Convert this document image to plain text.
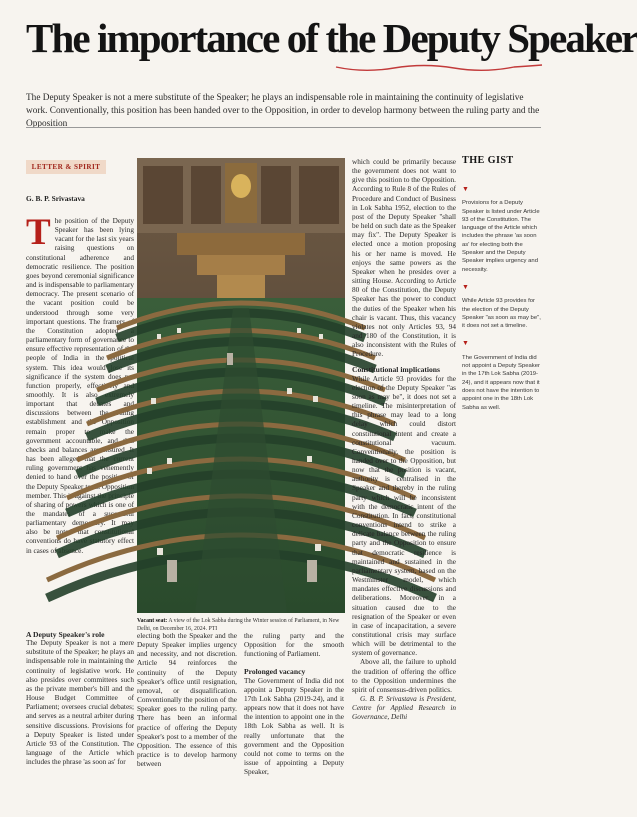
The importance of the Deputy Speaker
The Deputy Speaker is not a mere substitute of the Speaker; he plays an indispensable role in maintaining the continuity of legislative work. Conventionally, this position has been handed over to the Opposition, in order to develop harmony between the ruling party and the Opposition
LETTER & SPIRIT
G. B. P. Srivastava

The position of the Deputy Speaker has been lying vacant for the last six years raising questions on constitutional adherence and democratic resilience. The position goes beyond ceremonial significance and is indispensable to parliamentary democracy. The present scenario of the vacant position could be understood through some very important questions. The framers of the Constitution adopted a parliamentary form of governance to ensure effective representation of the people of India in the political system. This idea would lose its significance if the system does not function properly, effectively and smoothly. It is also extremely important that debates and discussions between the ruling establishment and the Opposition remain proper to make the government accountable, and that checks and balances are ensured. It has been alleged that the current ruling government has vehemently denied to hand over the position of the Deputy Speaker to an Opposition member. This is against the principle of sharing of powers which is one of the mandates of a successful parliamentary democracy. It may also be noted that constitutional conventions do have statutory effect in cases of absence.

A Deputy Speaker's role

The Deputy Speaker is not a mere substitute of the Speaker; he plays an indispensable role in maintaining the continuity of legislative work. He also presides over committees such as the private member's bill and the House Budget Committee of Parliament; oversees crucial debates; and serves as a neutral arbiter during sensitive discussions. Provisions for a Deputy Speaker is listed under Article 93 of the Constitution. The language of the Article which includes the phrase 'as soon as' for

Vacant seat: A view of the Lok Sabha during the Winter session of Parliament, in New Delhi, on December 16, 2024. PTI

electing both the Speaker and the Deputy Speaker implies urgency and necessity, and not discretion. Article 94 reinforces the continuity of the Deputy Speaker's office until resignation, removal, or disqualification. Conventionally the position of the Speaker goes to the ruling party. There has been an informal practice of offering the Deputy Speaker's post to a member of the Opposition. The essence of this practice is to develop harmony between

the ruling party and the Opposition for the smooth functioning of Parliament.

Prolonged vacancy

The Government of India did not appoint a Deputy Speaker in the 17th Lok Sabha (2019-24), and it appears now that it does not have the intention to appoint one in the 18th Lok Sabha as well. It is really unfortunate that the government and the Opposition could not come to terms on the issue of appointing a Deputy Speaker,

which could be primarily because the government does not want to give this position to the Opposition. According to Rule 8 of the Rules of Procedure and Conduct of Business in Lok Sabha 1952, election to the post of the Deputy Speaker "shall be held on such date as the Speaker may fix". The Deputy Speaker is elected once a motion proposing his or her name is moved. He enjoys the same powers as the Speaker when he presides over a sitting House. According to Article 80 of the Constitution, the Deputy Speaker has the power to conduct the duties of the Speaker when his chair is vacant. Thus, this vacancy violates not only Articles 93, 94 and 180 of the Constitution, it is also inconsistent with the Rules of Procedure.

Constitutional implications

While Article 93 provides for the election of the Deputy Speaker "as soon as may be", it does not set a timeline. The misinterpretation of this phrase may lead to a long delay which could distort constitutional intent and create a constitutional vacuum. Conventionally, the position is handed over to the Opposition, but now that the position is vacant, authority is centralised in the Speaker and thereby in the ruling party which will be inconsistent with the democratic intent of the Constitution. In fact, constitutional conventions intend to strike a delicate balance between the ruling party and the Opposition to ensure that democratic resilience is maintained and sustained in the parliamentary system, based on the Westminster model, which mandates effective discussions and deliberations. Moreover, in a situation caused due to the resignation of the Speaker or even in case of incapacitation, a severe constitutional crisis may surface which will be detrimental to the system of governance.

Above all, the failure to uphold the tradition of offering the office to the Opposition undermines the spirit of consensus-driven politics.

G. B. P. Srivastava is President, Centre for Applied Research in Governance, Delhi

THE GIST
▼
Provisions for a Deputy Speaker is listed under Article 93 of the Constitution. The language of the Article which includes the phrase 'as soon as' for electing both the Speaker and the Deputy Speaker implies urgency and necessity.
▼
While Article 93 provides for the election of the Deputy Speaker "as soon as may be", it does not set a timeline.
▼
The Government of India did not appoint a Deputy Speaker in the 17th Lok Sabha (2019-24), and it appears now that it does not have the intention to appoint one in the 18th Lok Sabha as well.
